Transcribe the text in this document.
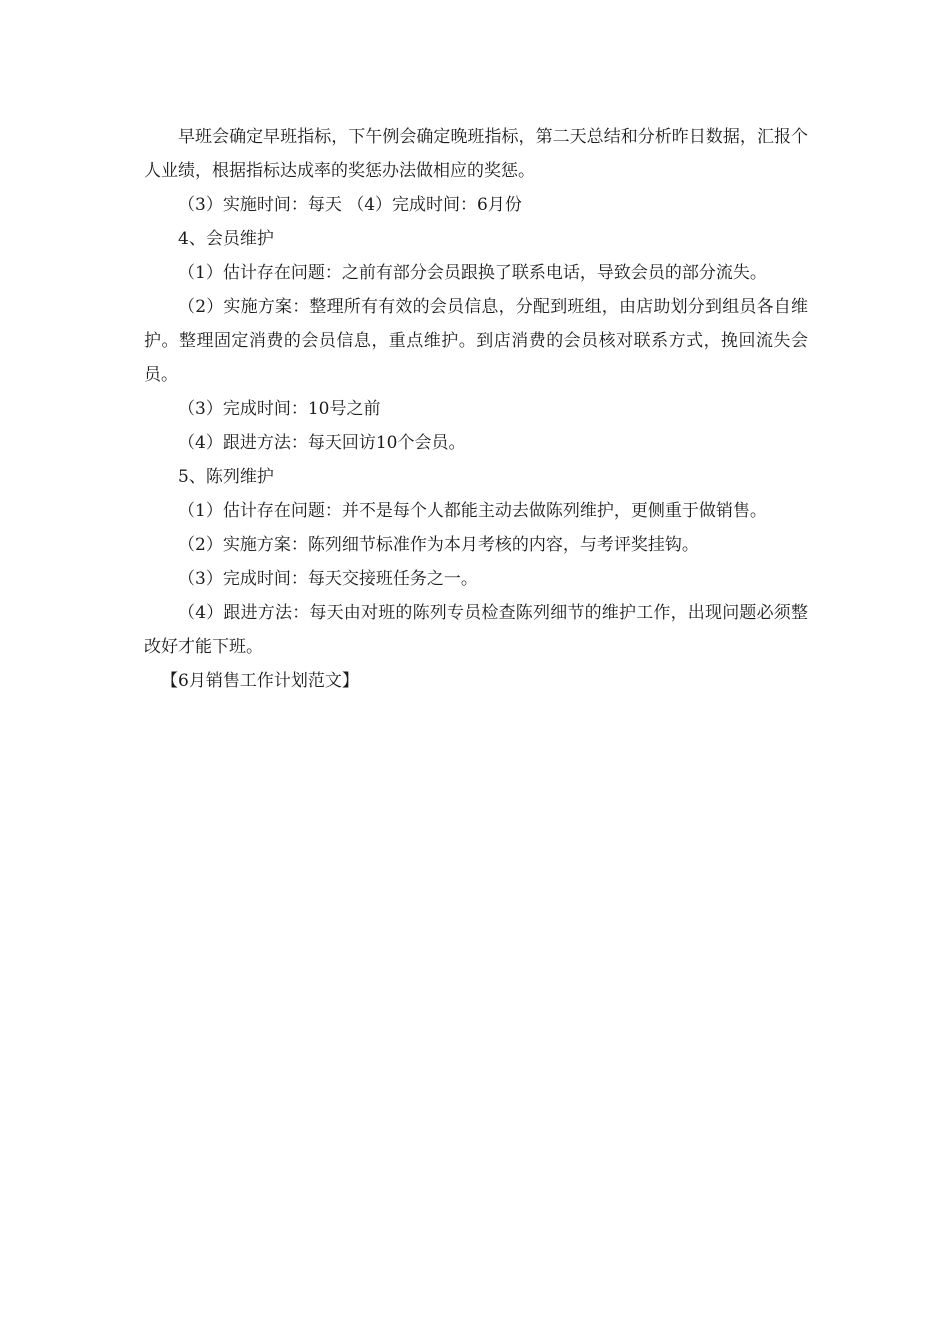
早班会确定早班指标，下午例会确定晚班指标，第二天总结和分析昨日数据，汇报个人业绩，根据指标达成率的奖惩办法做相应的奖惩。

（3）实施时间：每天 （4）完成时间：6月份

4、会员维护

（1）估计存在问题：之前有部分会员跟换了联系电话，导致会员的部分流失。

（2）实施方案：整理所有有效的会员信息，分配到班组，由店助划分到组员各自维护。整理固定消费的会员信息，重点维护。到店消费的会员核对联系方式，挽回流失会员。

（3）完成时间：10号之前

（4）跟进方法：每天回访10个会员。

5、陈列维护

（1）估计存在问题：并不是每个人都能主动去做陈列维护，更侧重于做销售。

（2）实施方案：陈列细节标准作为本月考核的内容，与考评奖挂钩。

（3）完成时间：每天交接班任务之一。

（4）跟进方法：每天由对班的陈列专员检查陈列细节的维护工作，出现问题必须整改好才能下班。

【6月销售工作计划范文】
